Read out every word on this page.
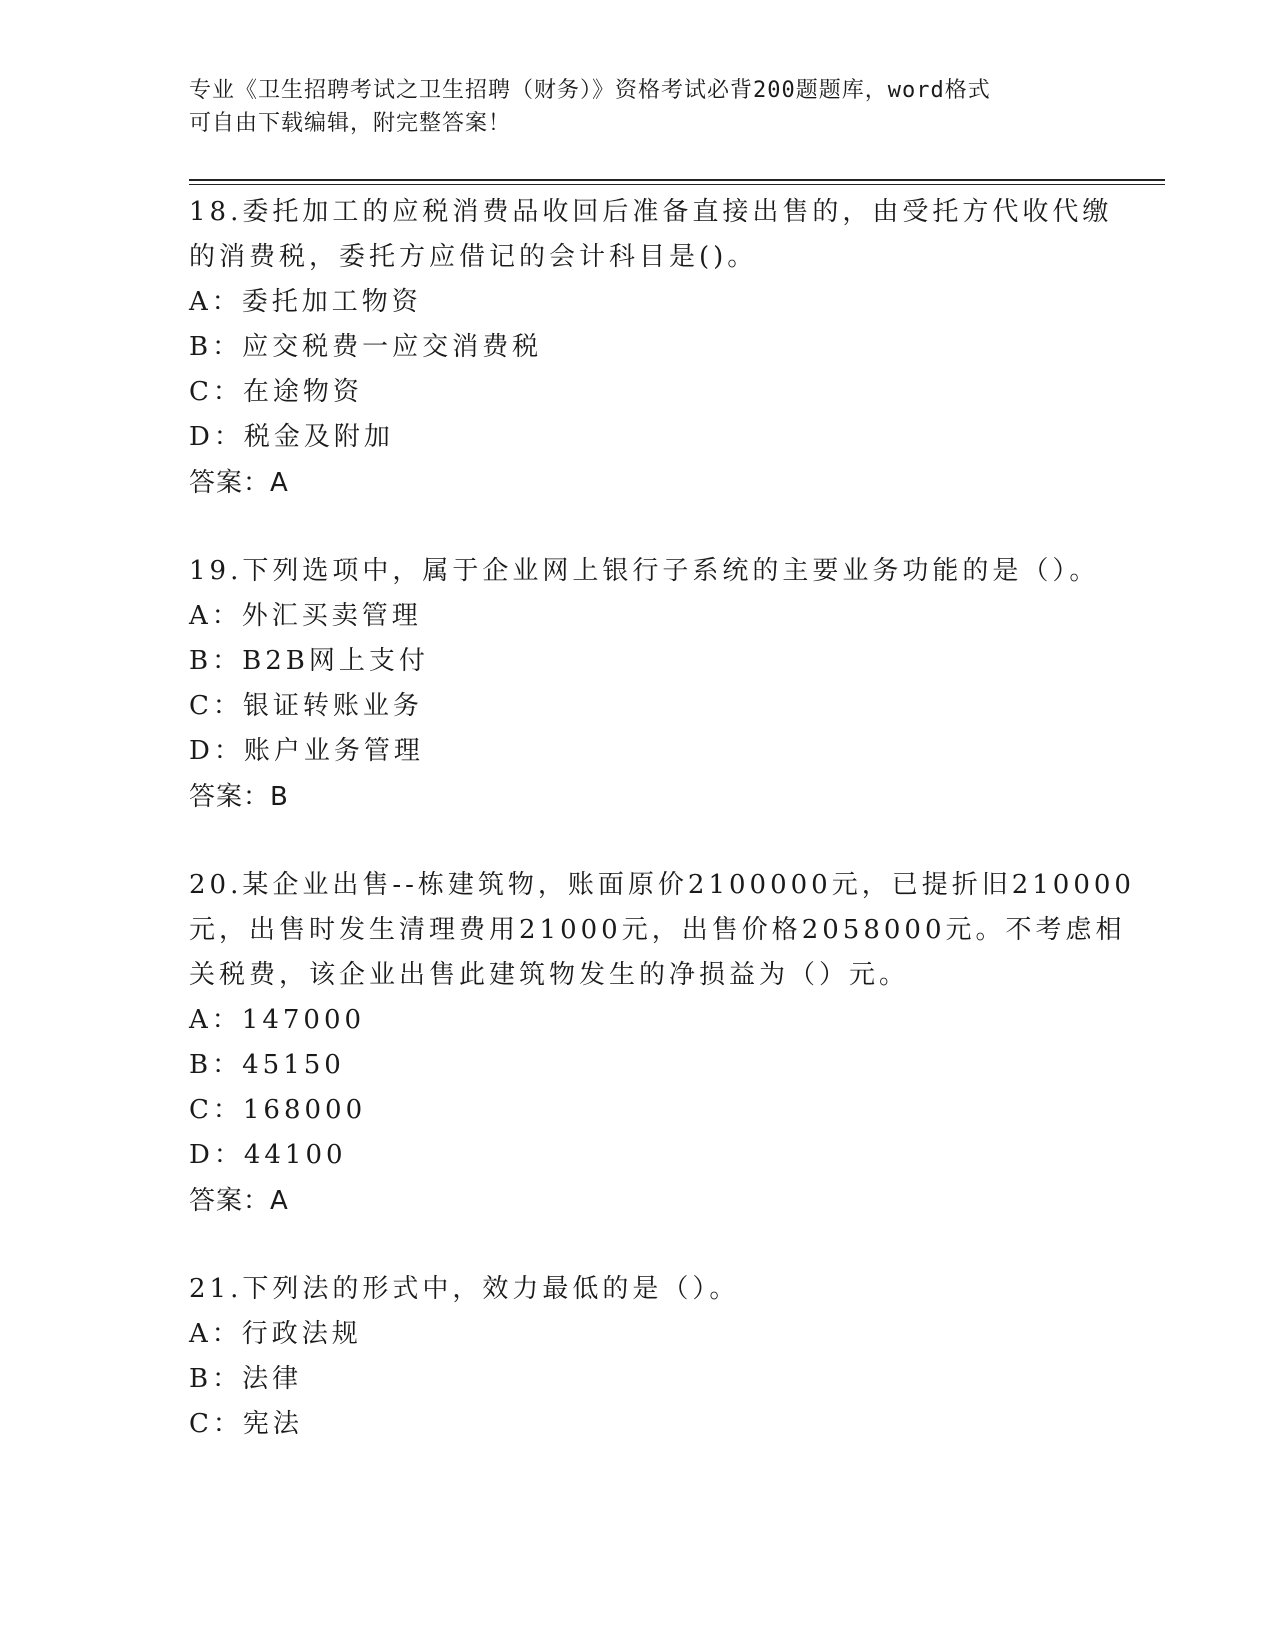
专业《卫生招聘考试之卫生招聘（财务）》资格考试必背200题题库，word格式
可自由下载编辑，附完整答案！
18.委托加工的应税消费品收回后准备直接出售的，由受托方代收代缴
的消费税，委托方应借记的会计科目是()。
A：委托加工物资
B：应交税费一应交消费税
C：在途物资
D：税金及附加
答案：A
19.下列选项中，属于企业网上银行子系统的主要业务功能的是（）。
A：外汇买卖管理
B：B2B网上支付
C：银证转账业务
D：账户业务管理
答案：B
20.某企业出售--栋建筑物，账面原价2100000元，已提折旧210000
元，出售时发生清理费用21000元，出售价格2058000元。不考虑相
关税费，该企业出售此建筑物发生的净损益为（）元。
A：147000
B：45150
C：168000
D：44100
答案：A
21.下列法的形式中，效力最低的是（）。
A：行政法规
B：法律
C：宪法
